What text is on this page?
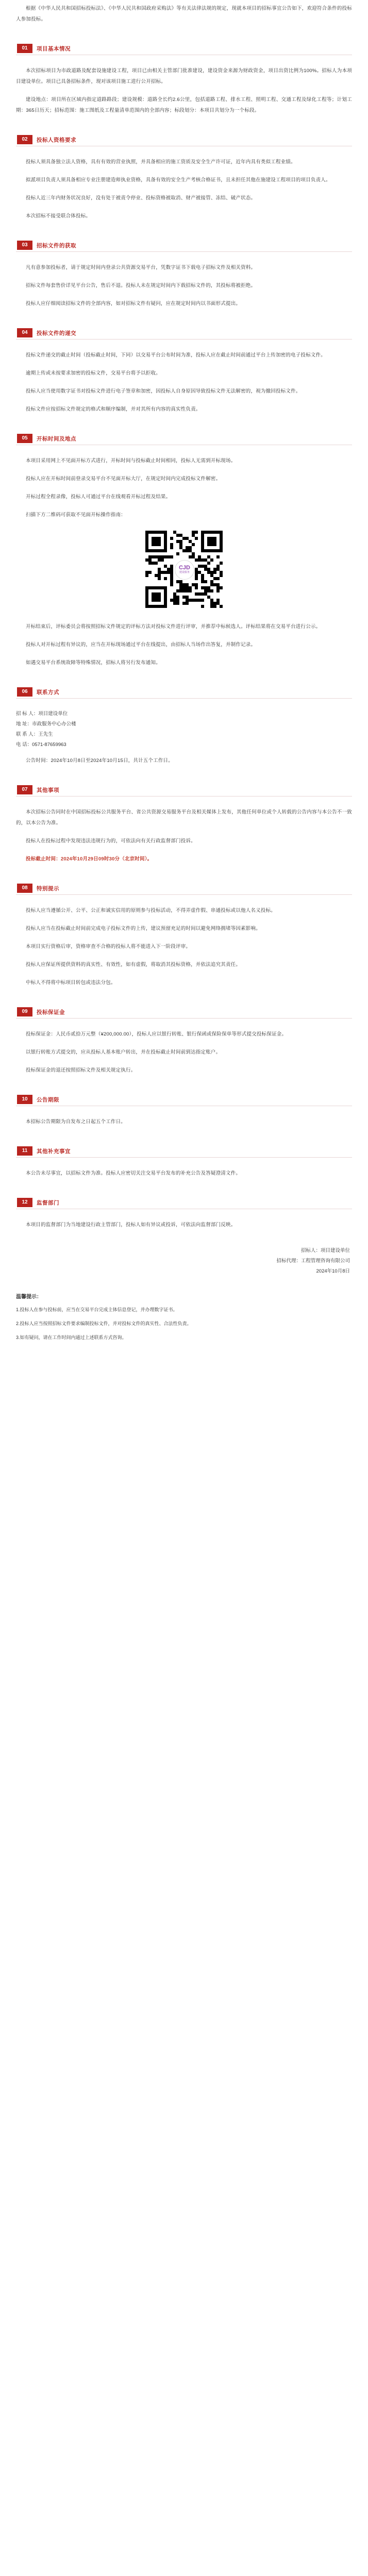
根据《中华人民共和国招标投标法》、《中华人民共和国政府采购法》等有关法律法规的规定，现就本项目的招标事宜公告如下，欢迎符合条件的投标人参加投标。

01	项目基本情况

本次招标项目为市政道路及配套设施建设工程，项目已由相关主管部门批准建设，建设资金来源为财政资金，项目出资比例为100%。招标人为本项目建设单位。项目已具备招标条件，现对该项目施工进行公开招标。

建设地点：项目所在区域内指定道路路段；建设规模：道路全长约2.6公里，包括道路工程、排水工程、照明工程、交通工程及绿化工程等；计划工期：365日历天；招标范围：施工图纸及工程量清单范围内的全部内容；标段划分：本项目共划分为一个标段。

02	投标人资格要求

投标人须具备独立法人资格，具有有效的营业执照，并具备相应的施工资质及安全生产许可证，近年内具有类似工程业绩。

拟派项目负责人须具备相应专业注册建造师执业资格，具备有效的安全生产考核合格证书，且未担任其他在施建设工程项目的项目负责人。

投标人近三年内财务状况良好，没有处于被责令停业、投标资格被取消、财产被接管、冻结、破产状态。

本次招标不接受联合体投标。

03	招标文件的获取

凡有意参加投标者，请于规定时间内登录公共资源交易平台，凭数字证书下载电子招标文件及相关资料。

招标文件每套售价详见平台公告，售后不退。投标人未在规定时间内下载招标文件的，其投标将被拒绝。

投标人应仔细阅读招标文件的全部内容，如对招标文件有疑问，应在规定时间内以书面形式提出。

04	投标文件的递交

投标文件递交的截止时间（投标截止时间，下同）以交易平台公布时间为准，投标人应在截止时间前通过平台上传加密的电子投标文件。

逾期上传或未按要求加密的投标文件，交易平台将予以拒收。

投标人应当使用数字证书对投标文件进行电子签章和加密，因投标人自身原因导致投标文件无法解密的，视为撤回投标文件。

投标文件应按招标文件规定的格式和顺序编制，并对其所有内容的真实性负责。

05	开标时间及地点

本项目采用网上不见面开标方式进行，开标时间与投标截止时间相同，投标人无需到开标现场。

投标人应在开标时间前登录交易平台不见面开标大厅，在规定时间内完成投标文件解密。

开标过程全程录像，投标人可通过平台在线观看开标过程及结果。

扫描下方二维码可获取不见面开标操作指南：

CJD
建设服务

开标结束后，评标委员会将按照招标文件规定的评标方法对投标文件进行评审，并推荐中标候选人。评标结果将在交易平台进行公示。

投标人对开标过程有异议的，应当在开标现场通过平台在线提出，由招标人当场作出答复，并制作记录。

如遇交易平台系统故障等特殊情况，招标人将另行发布通知。

06	联系方式
招 标 人：项目建设单位
地 址：市政服务中心办公楼
联 系 人：王先生
电 话：0571-87659963

公告时间：2024年10月8日至2024年10月15日，共计五个工作日。

07	其他事项

本次招标公告同时在中国招标投标公共服务平台、省公共资源交易服务平台及相关媒体上发布，其他任何单位或个人转载的公告内容与本公告不一致的，以本公告为准。

投标人在投标过程中发现违法违规行为的，可依法向有关行政监督部门投诉。

投标截止时间：2024年10月29日09时30分（北京时间）。

08	特别提示

投标人应当遵循公开、公平、公正和诚实信用的原则参与投标活动，不得弄虚作假、串通投标或以他人名义投标。

投标人应当在投标截止时间前完成电子投标文件的上传，建议预留充足的时间以避免网络拥堵等因素影响。

本项目实行资格后审，资格审查不合格的投标人将不能进入下一阶段评审。

投标人应保证所提供资料的真实性、有效性，如有虚假，将取消其投标资格，并依法追究其责任。

中标人不得将中标项目转包或违法分包。

09	投标保证金

投标保证金：人民币贰拾万元整（¥200,000.00），投标人应以银行转账、银行保函或保险保单等形式提交投标保证金。

以银行转账方式提交的，应从投标人基本账户转出，并在投标截止时间前到达指定账户。

投标保证金的退还按照招标文件及相关规定执行。

10	公告期限

本招标公告期限为自发布之日起五个工作日。

11	其他补充事宜

本公告未尽事宜，以招标文件为准。投标人应密切关注交易平台发布的补充公告及答疑澄清文件。

12	监督部门

本项目的监督部门为当地建设行政主管部门，投标人如有异议或投诉，可依法向监督部门反映。

招标人：项目建设单位
招标代理：工程管理咨询有限公司
2024年10月8日
温馨提示：

1.投标人在参与投标前，应当在交易平台完成主体信息登记，并办理数字证书。

2.投标人应当按照招标文件要求编制投标文件，并对投标文件的真实性、合法性负责。

3.如有疑问，请在工作时间内通过上述联系方式咨询。
